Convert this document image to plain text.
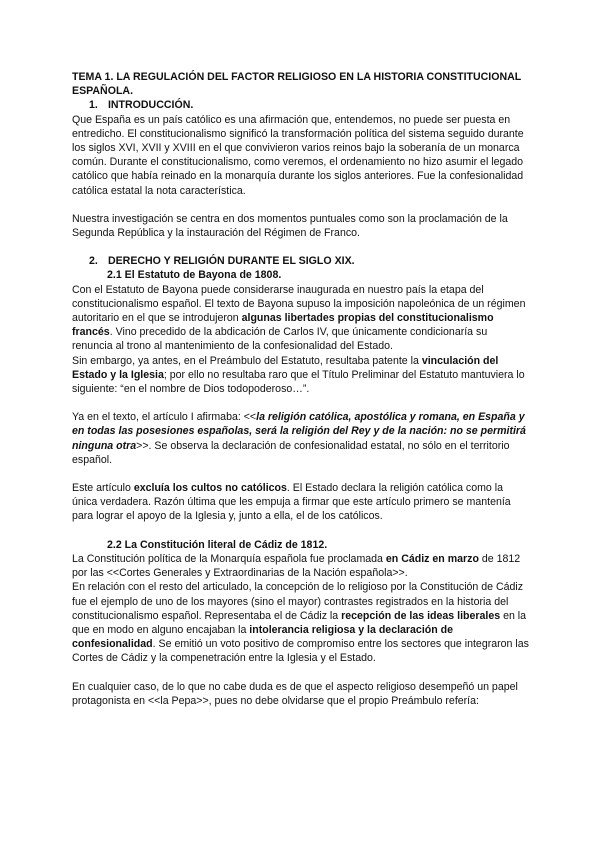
TEMA 1. LA REGULACIÓN DEL FACTOR RELIGIOSO EN LA HISTORIA CONSTITUCIONAL ESPAÑOLA.

1. INTRODUCCIÓN.

Que España es un país católico es una afirmación que, entendemos, no puede ser puesta en entredicho. El constitucionalismo significó la transformación política del sistema seguido durante los siglos XVI, XVII y XVIII en el que convivieron varios reinos bajo la soberanía de un monarca común. Durante el constitucionalismo, como veremos, el ordenamiento no hizo asumir el legado católico que había reinado en la monarquía durante los siglos anteriores. Fue la confesionalidad católica estatal la nota característica.

Nuestra investigación se centra en dos momentos puntuales como son la proclamación de la Segunda República y la instauración del Régimen de Franco.

2. DERECHO Y RELIGIÓN DURANTE EL SIGLO XIX.

2.1 El Estatuto de Bayona de 1808.

Con el Estatuto de Bayona puede considerarse inaugurada en nuestro país la etapa del constitucionalismo español. El texto de Bayona supuso la imposición napoleónica de un régimen autoritario en el que se introdujeron algunas libertades propias del constitucionalismo francés. Vino precedido de la abdicación de Carlos IV, que únicamente condicionaría su renuncia al trono al mantenimiento de la confesionalidad del Estado.

Sin embargo, ya antes, en el Preámbulo del Estatuto, resultaba patente la vinculación del Estado y la Iglesia; por ello no resultaba raro que el Título Preliminar del Estatuto mantuviera lo siguiente: “en el nombre de Dios todopoderoso…”.

Ya en el texto, el artículo I afirmaba: <<la religión católica, apostólica y romana, en España y en todas las posesiones españolas, será la religión del Rey y de la nación: no se permitirá ninguna otra>>. Se observa la declaración de confesionalidad estatal, no sólo en el territorio español.

Este artículo excluía los cultos no católicos. El Estado declara la religión católica como la única verdadera. Razón última que les empuja a firmar que este artículo primero se mantenía para lograr el apoyo de la Iglesia y, junto a ella, el de los católicos.

2.2 La Constitución literal de Cádiz de 1812.

La Constitución política de la Monarquía española fue proclamada en Cádiz en marzo de 1812 por las <<Cortes Generales y Extraordinarias de la Nación española>>.

En relación con el resto del articulado, la concepción de lo religioso por la Constitución de Cádiz fue el ejemplo de uno de los mayores (sino el mayor) contrastes registrados en la historia del constitucionalismo español. Representaba el de Cádiz la recepción de las ideas liberales en la que en modo en alguno encajaban la intolerancia religiosa y la declaración de confesionalidad. Se emitió un voto positivo de compromiso entre los sectores que integraron las Cortes de Cádiz y la compenetración entre la Iglesia y el Estado.

En cualquier caso, de lo que no cabe duda es de que el aspecto religioso desempeñó un papel protagonista en <<la Pepa>>, pues no debe olvidarse que el propio Preámbulo refería:
